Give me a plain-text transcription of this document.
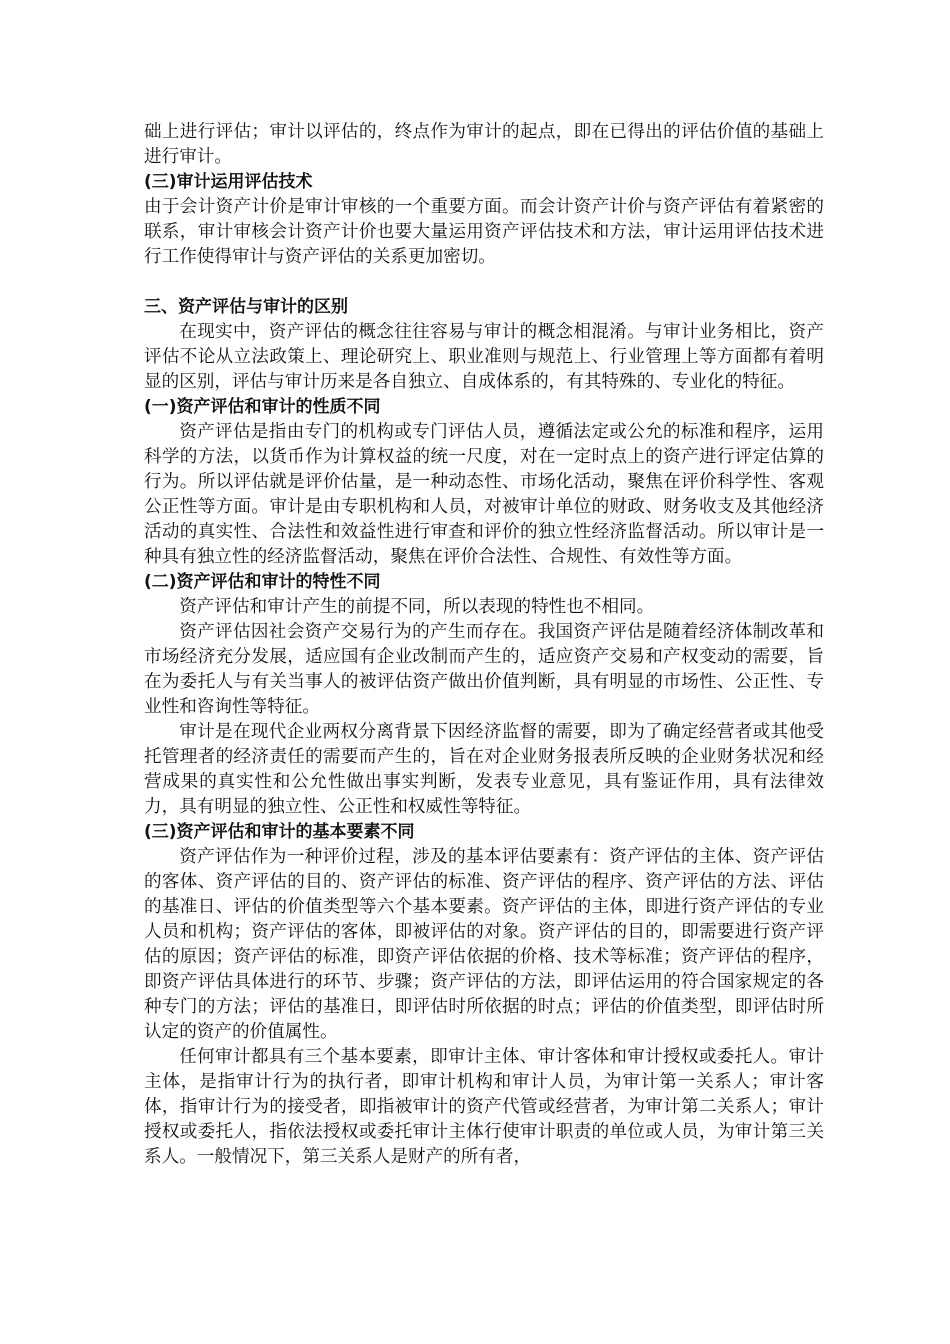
础上进行评估；审计以评估的，终点作为审计的起点，即在已得出的评估价值的基础上进行审计。

(三)审计运用评估技术

由于会计资产计价是审计审核的一个重要方面。而会计资产计价与资产评估有着紧密的联系，审计审核会计资产计价也要大量运用资产评估技术和方法，审计运用评估技术进行工作使得审计与资产评估的关系更加密切。

三、资产评估与审计的区别

在现实中，资产评估的概念往往容易与审计的概念相混淆。与审计业务相比，资产评估不论从立法政策上、理论研究上、职业准则与规范上、行业管理上等方面都有着明显的区别，评估与审计历来是各自独立、自成体系的，有其特殊的、专业化的特征。

(一)资产评估和审计的性质不同

资产评估是指由专门的机构或专门评估人员，遵循法定或公允的标准和程序，运用科学的方法，以货币作为计算权益的统一尺度，对在一定时点上的资产进行评定估算的行为。所以评估就是评价估量，是一种动态性、市场化活动，聚焦在评价科学性、客观公正性等方面。审计是由专职机构和人员，对被审计单位的财政、财务收支及其他经济活动的真实性、合法性和效益性进行审查和评价的独立性经济监督活动。所以审计是一种具有独立性的经济监督活动，聚焦在评价合法性、合规性、有效性等方面。

(二)资产评估和审计的特性不同

资产评估和审计产生的前提不同，所以表现的特性也不相同。

资产评估因社会资产交易行为的产生而存在。我国资产评估是随着经济体制改革和市场经济充分发展，适应国有企业改制而产生的，适应资产交易和产权变动的需要，旨在为委托人与有关当事人的被评估资产做出价值判断，具有明显的市场性、公正性、专业性和咨询性等特征。

审计是在现代企业两权分离背景下因经济监督的需要，即为了确定经营者或其他受托管理者的经济责任的需要而产生的，旨在对企业财务报表所反映的企业财务状况和经营成果的真实性和公允性做出事实判断，发表专业意见，具有鉴证作用，具有法律效力，具有明显的独立性、公正性和权威性等特征。

(三)资产评估和审计的基本要素不同

资产评估作为一种评价过程，涉及的基本评估要素有：资产评估的主体、资产评估的客体、资产评估的目的、资产评估的标准、资产评估的程序、资产评估的方法、评估的基准日、评估的价值类型等六个基本要素。资产评估的主体，即进行资产评估的专业人员和机构；资产评估的客体，即被评估的对象。资产评估的目的，即需要进行资产评估的原因；资产评估的标准，即资产评估依据的价格、技术等标准；资产评估的程序，即资产评估具体进行的环节、步骤；资产评估的方法，即评估运用的符合国家规定的各种专门的方法；评估的基准日，即评估时所依据的时点；评估的价值类型，即评估时所认定的资产的价值属性。

任何审计都具有三个基本要素，即审计主体、审计客体和审计授权或委托人。审计主体，是指审计行为的执行者，即审计机构和审计人员，为审计第一关系人；审计客体，指审计行为的接受者，即指被审计的资产代管或经营者，为审计第二关系人；审计授权或委托人，指依法授权或委托审计主体行使审计职责的单位或人员，为审计第三关系人。一般情况下，第三关系人是财产的所有者，
